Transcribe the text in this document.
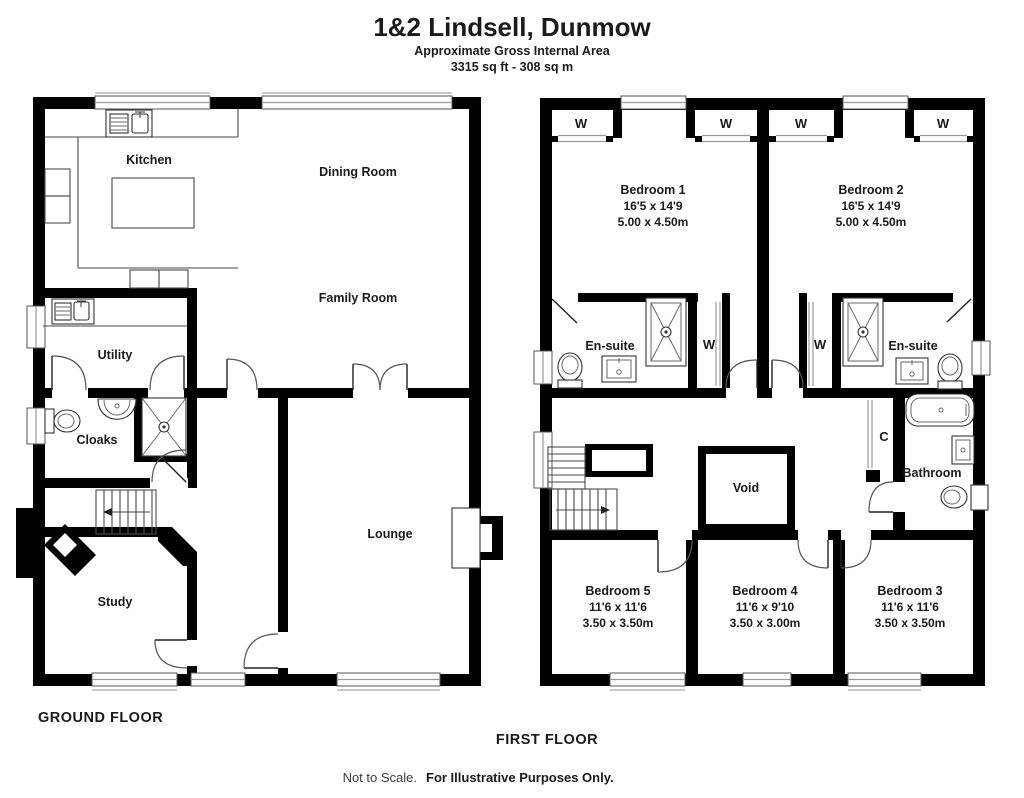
1&2 Lindsell, Dunmow
Approximate Gross Internal Area
3315 sq ft - 308 sq m
Kitchen
Dining Room
Family Room
Utility
Cloaks
Lounge
Study
Bedroom 1
16'5 x 14'9
5.00 x 4.50m
Bedroom 2
16'5 x 14'9
5.00 x 4.50m
En-suite	En-suite
W	W	W	W
W	W
C
Bathroom
Void
Bedroom 5
11'6 x 11'6
3.50 x 3.50m
Bedroom 4
11'6 x 9'10
3.50 x 3.00m
Bedroom 3
11'6 x 11'6
3.50 x 3.50m
GROUND FLOOR
FIRST FLOOR
Not to Scale. For Illustrative Purposes Only.
